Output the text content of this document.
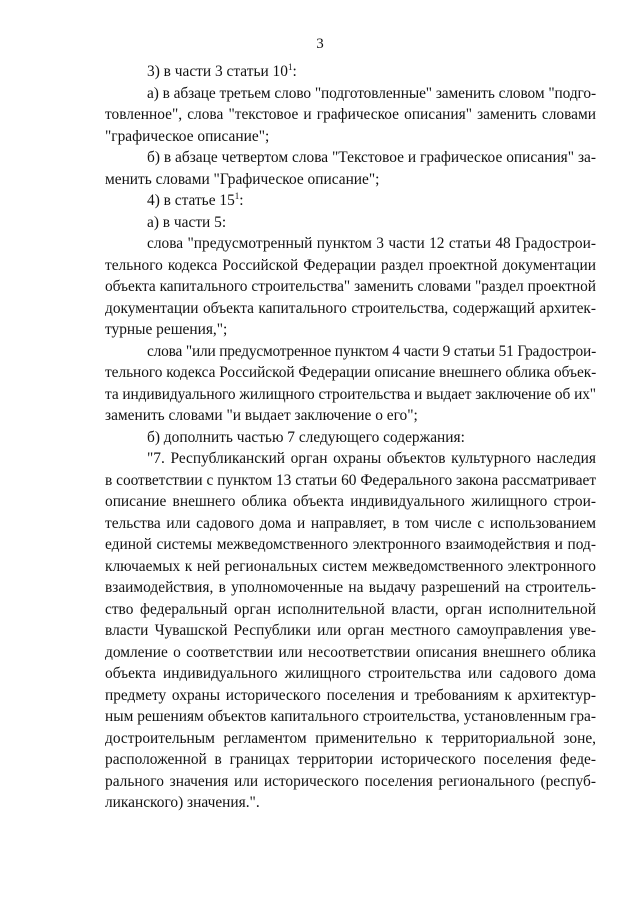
3
3) в части 3 статьи $10^1$:
а) в абзаце третьем слово "подготовленные" заменить словом "подго-
товленное", слова "текстовое и графическое описания" заменить словами
"графическое описание";
б) в абзаце четвертом слова "Текстовое и графическое описания" за-
менить словами "Графическое описание";
4) в статье $15^1$:
а) в части 5:
слова "предусмотренный пунктом 3 части 12 статьи 48 Градострои-
тельного кодекса Российской Федерации раздел проектной документации
объекта капитального строительства" заменить словами "раздел проектной
документации объекта капитального строительства, содержащий архитек-
турные решения,";
слова "или предусмотренное пунктом 4 части 9 статьи 51 Градострои-
тельного кодекса Российской Федерации описание внешнего облика объек-
та индивидуального жилищного строительства и выдает заключение об их"
заменить словами "и выдает заключение о его";
б) дополнить частью 7 следующего содержания:
"7. Республиканский орган охраны объектов культурного наследия
в соответствии с пунктом 13 статьи 60 Федерального закона рассматривает
описание внешнего облика объекта индивидуального жилищного строи-
тельства или садового дома и направляет, в том числе с использованием
единой системы межведомственного электронного взаимодействия и под-
ключаемых к ней региональных систем межведомственного электронного
взаимодействия, в уполномоченные на выдачу разрешений на строитель-
ство федеральный орган исполнительной власти, орган исполнительной
власти Чувашской Республики или орган местного самоуправления уве-
домление о соответствии или несоответствии описания внешнего облика
объекта индивидуального жилищного строительства или садового дома
предмету охраны исторического поселения и требованиям к архитектур-
ным решениям объектов капитального строительства, установленным гра-
достроительным регламентом применительно к территориальной зоне,
расположенной в границах территории исторического поселения феде-
рального значения или исторического поселения регионального (респуб-
ликанского) значения.".
